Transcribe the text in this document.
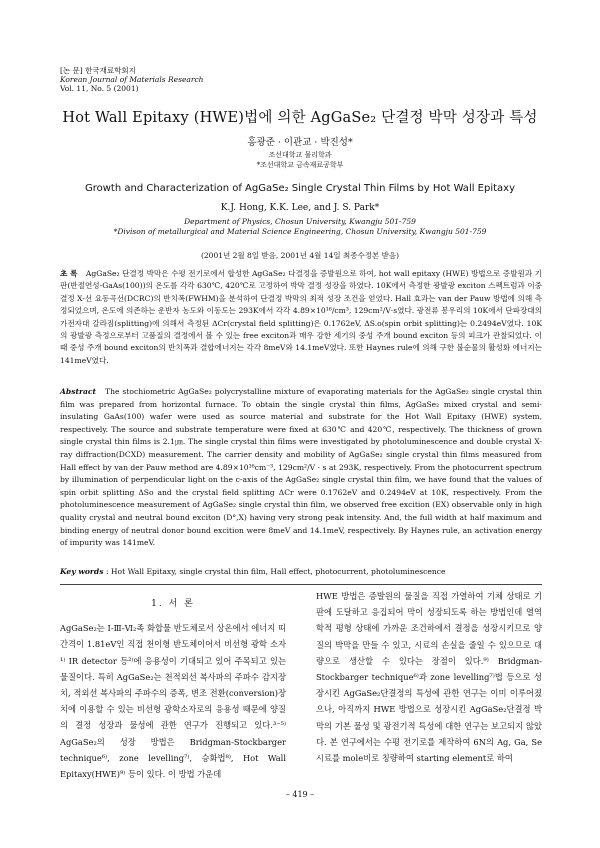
[논 문] 한국재료학회지
Korean Journal of Materials Research
Vol. 11, No. 5 (2001)
Hot Wall Epitaxy (HWE)법에 의한 AgGaSe₂ 단결정 박막 성장과 특성
홍광준 · 이관교 · 박진성*
조선대학교 물리학과
*조선대학교 금속재료공학부
Growth and Characterization of AgGaSe₂ Single Crystal Thin Films by Hot Wall Epitaxy
K.J. Hong, K.K. Lee, and J. S. Park*
Department of Physics, Chosun University, Kwangju 501-759
*Divison of metallurgical and Material Science Engineering, Chosun University, Kwangju 501-759
(2001년 2월 8일 받음, 2001년 4월 14일 최종수정본 받음)
초 록 AgGaSe₂ 단결정 박막은 수평 전기로에서 합성한 AgGaSe₂ 다결정을 증발원으로 하여, hot wall epitaxy (HWE) 방법으로 증발원과 기판(반절연성-GaAs(100))의 온도를 각각 630℃, 420℃로 고정하여 박막 결정 성장을 하였다. 10K에서 측정한 광발광 exciton 스펙트럼과 이중결정 X-선 요동곡선(DCRC)의 반치폭(FWHM)을 분석하여 단결정 박막의 최적 성장 조건을 얻었다. Hall 효과는 van der Pauw 방법에 의해 측정되었으며, 온도에 의존하는 운반자 농도와 이동도는 293K에서 각각 4.89×10¹⁶/cm³, 129cm²/V·s였다. 광전류 봉우리의 10K에서 단파장대의 가전자대 갈라짐(splitting)에 의해서 측정된 ΔCr(crystal field splitting)은 0.1762eV, ΔS.o(spin orbit splitting)는 0.2494eV였다. 10K의 광발광 측정으로부터 고품질의 결정에서 볼 수 있는 free exciton과 매우 강한 세기의 중성 주개 bound exciton 등의 피크가 관찰되었다. 이때 중성 주개 bound exciton의 반치폭과 결합에너지는 각각 8meV와 14.1meV였다. 또한 Haynes rule에 의해 구한 불순물의 활성화 에너지는 141meV였다.
Abstract The stochiometric AgGaSe₂ polycrystalline mixture of evaporating materials for the AgGaSe₂ single crystal thin film was prepared from horizontal furnace. To obtain the single crystal thin films, AgGaSe₂ mixed crystal and semi-insulating GaAs(100) wafer were used as source material and substrate for the Hot Wall Epitaxy (HWE) system, respectively. The source and substrate temperature were fixed at 630℃ and 420℃, respectively. The thickness of grown single crystal thin films is 2.1㎛. The single crystal thin films were investigated by photoluminescence and double crystal X-ray diffraction(DCXD) measurement. The carrier density and mobility of AgGaSe₂ single crystal thin films measured from Hall effect by van der Pauw method are 4.89×10¹⁶cm⁻³, 129cm²/V · s at 293K, respectively. From the photocurrent spectrum by illumination of perpendicular light on the c-axis of the AgGaSe₂ single crystal thin film, we have found that the values of spin orbit splitting ΔSo and the crystal field splitting ΔCr were 0.1762eV and 0.2494eV at 10K, respectively. From the photoluminescence measurement of AgGaSe₂ single crystal thin film, we observed free excition (EX) observable only in high quality crystal and neutral bound exciton (D°,X) having very strong peak intensity. And, the full width at half maximum and binding energy of neutral donor bound excition were 8meV and 14.1meV, respectively. By Haynes rule, an activation energy of impurity was 141meV.
Key words : Hot Wall Epitaxy, single crystal thin film, Hall effect, photocurrent, photoluminescence
1. 서 론
AgGaSe₂는 Ⅰ-Ⅲ-Ⅵ₂족 화합물 반도체로서 상온에서 에너지 띠간격이 1.81eV인 직접 천이형 반도체이어서 비선형 광학 소자¹⁾ IR detector 등²⁾에 응용성이 기대되고 있어 주목되고 있는 물질이다. 특히 AgGaSe₂는 천적외선 복사파의 주파수 감지장치, 적외선 복사파의 주파수의 증폭, 변조 전환(conversion)장치에 이용할 수 있는 비선형 광학소자로의 응용성 때문에 양질의 결정 성장과 물성에 관한 연구가 진행되고 있다.³⁻⁵⁾ AgGaSe₂의 성장 방법은 Bridgman-Stockbarger technique⁶⁾, zone levelling⁷⁾, 승화법⁸⁾, Hot Wall Epitaxy(HWE)⁹⁾ 등이 있다. 이 방법 가운데
HWE 방법은 증발원의 물질을 직접 가열하여 기체 상태로 기판에 도달하고 응집되어 막이 성장되도록 하는 방법인데 열역학적 평형 상태에 가까운 조건하에서 결정을 성장시키므로 양질의 박막을 만들 수 있고, 시료의 손실을 줄일 수 있으므로 대량으로 생산할 수 있다는 장점이 있다.⁹⁾ Bridgman-Stockbarger technique⁶⁾과 zone levelling⁷⁾법 등으로 성장시킨 AgGaSe₂단결정의 특성에 관한 연구는 이미 이루어졌으나, 아직까지 HWE 방법으로 성장시킨 AgGaSe₂단결정 박막의 기본 물성 및 광전기적 특성에 대한 연구는 보고되지 않았다. 본 연구에서는 수평 전기로를 제작하여 6N의 Ag, Ga, Se 시료를 mole비로 칭량하여 starting element로 하여
– 419 –
